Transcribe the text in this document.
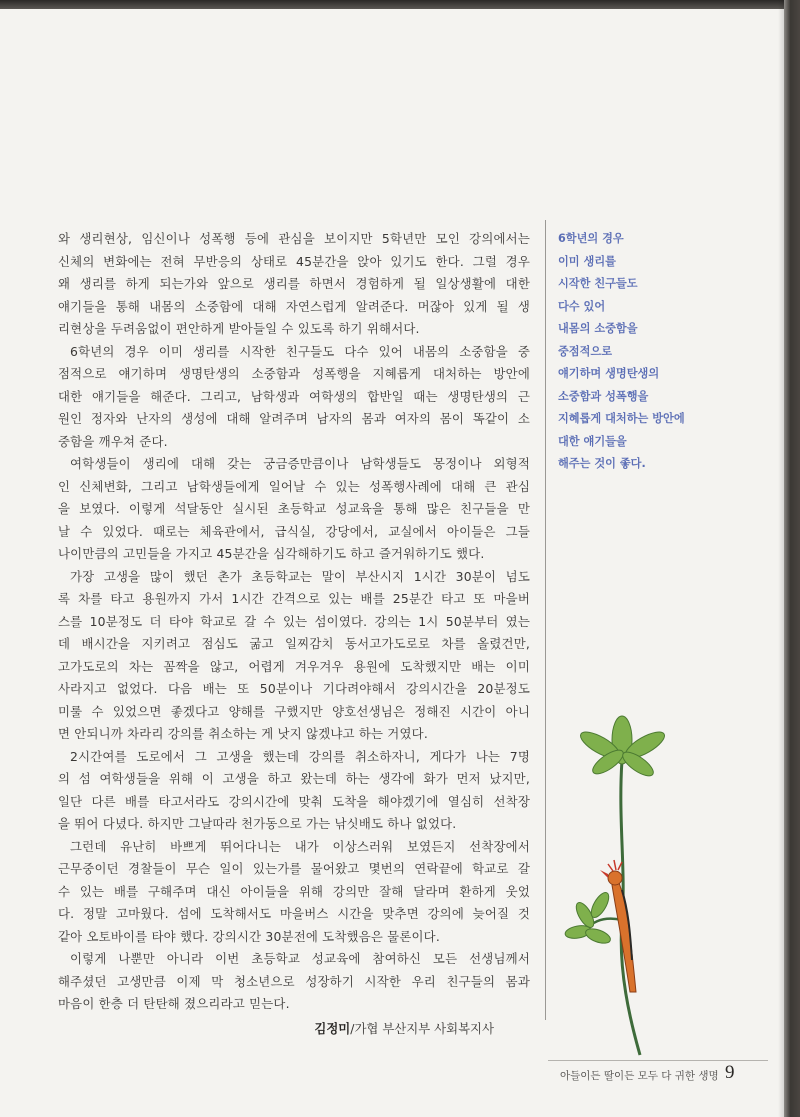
와 생리현상, 임신이나 성폭행 등에 관심을 보이지만 5학년만 모인 강의에서는
신체의 변화에는 전혀 무반응의 상태로 45분간을 앉아 있기도 한다. 그럴 경우
왜 생리를 하게 되는가와 앞으로 생리를 하면서 경험하게 될 일상생활에 대한
얘기들을 통해 내몸의 소중함에 대해 자연스럽게 알려준다. 머잖아 있게 될 생
리현상을 두려움없이 편안하게 받아들일 수 있도록 하기 위해서다.
6학년의 경우 이미 생리를 시작한 친구들도 다수 있어 내몸의 소중함을 중
점적으로 얘기하며 생명탄생의 소중함과 성폭행을 지혜롭게 대처하는 방안에
대한 얘기들을 해준다. 그리고, 남학생과 여학생의 합반일 때는 생명탄생의 근
원인 정자와 난자의 생성에 대해 알려주며 남자의 몸과 여자의 몸이 똑같이 소
중함을 깨우쳐 준다.
여학생들이 생리에 대해 갖는 궁금증만큼이나 남학생들도 몽정이나 외형적
인 신체변화, 그리고 남학생들에게 일어날 수 있는 성폭행사례에 대해 큰 관심
을 보였다. 이렇게 석달동안 실시된 초등학교 성교육을 통해 많은 친구들을 만
날 수 있었다. 때로는 체육관에서, 급식실, 강당에서, 교실에서 아이들은 그들
나이만큼의 고민들을 가지고 45분간을 심각해하기도 하고 즐거워하기도 했다.
가장 고생을 많이 했던 촌가 초등학교는 말이 부산시지 1시간 30분이 넘도
록 차를 타고 용원까지 가서 1시간 간격으로 있는 배를 25분간 타고 또 마을버
스를 10분정도 더 타야 학교로 갈 수 있는 섬이였다. 강의는 1시 50분부터 였는
데 배시간을 지키려고 점심도 굶고 일찌감치 동서고가도로로 차를 올렸건만,
고가도로의 차는 꼼짝을 않고, 어렵게 겨우겨우 용원에 도착했지만 배는 이미
사라지고 없었다. 다음 배는 또 50분이나 기다려야해서 강의시간을 20분정도
미룰 수 있었으면 좋겠다고 양해를 구했지만 양호선생님은 정해진 시간이 아니
면 안되니까 차라리 강의를 취소하는 게 낫지 않겠냐고 하는 거였다.
2시간여를 도로에서 그 고생을 했는데 강의를 취소하자니, 게다가 나는 7명
의 섬 여학생들을 위해 이 고생을 하고 왔는데 하는 생각에 화가 먼저 났지만,
일단 다른 배를 타고서라도 강의시간에 맞춰 도착을 해야겠기에 열심히 선착장
을 뛰어 다녔다. 하지만 그날따라 천가동으로 가는 낚싯배도 하나 없었다.
그런데 유난히 바쁘게 뛰어다니는 내가 이상스러워 보였든지 선착장에서
근무중이던 경찰들이 무슨 일이 있는가를 물어왔고 몇번의 연락끝에 학교로 갈
수 있는 배를 구해주며 대신 아이들을 위해 강의만 잘해 달라며 환하게 웃었
다. 정말 고마웠다. 섬에 도착해서도 마을버스 시간을 맞추면 강의에 늦어질 것
같아 오토바이를 타야 했다. 강의시간 30분전에 도착했음은 물론이다.
이렇게 나뿐만 아니라 이번 초등학교 성교육에 참여하신 모든 선생님께서
해주셨던 고생만큼 이제 막 청소년으로 성장하기 시작한 우리 친구들의 몸과
마음이 한층 더 탄탄해 졌으리라고 믿는다.
김정미/가협 부산지부 사회복지사
6학년의 경우
이미 생리를
시작한 친구들도
다수 있어
내몸의 소중함을
중점적으로
얘기하며 생명탄생의
소중함과 성폭행을
지혜롭게 대처하는 방안에
대한 얘기들을
해주는 것이 좋다.
아들이든 딸이든 모두 다 귀한 생명 9
